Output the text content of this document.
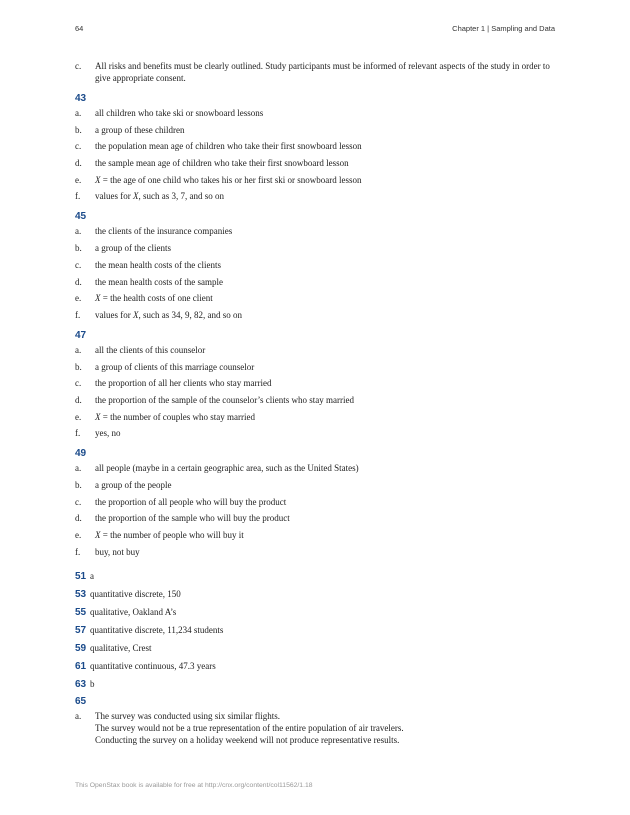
64	Chapter 1 | Sampling and Data
c.	All risks and benefits must be clearly outlined. Study participants must be informed of relevant aspects of the study in order to give appropriate consent.
43
a.	all children who take ski or snowboard lessons
b.	a group of these children
c.	the population mean age of children who take their first snowboard lesson
d.	the sample mean age of children who take their first snowboard lesson
e.	X = the age of one child who takes his or her first ski or snowboard lesson
f.	values for X, such as 3, 7, and so on
45
a.	the clients of the insurance companies
b.	a group of the clients
c.	the mean health costs of the clients
d.	the mean health costs of the sample
e.	X = the health costs of one client
f.	values for X, such as 34, 9, 82, and so on
47
a.	all the clients of this counselor
b.	a group of clients of this marriage counselor
c.	the proportion of all her clients who stay married
d.	the proportion of the sample of the counselor’s clients who stay married
e.	X = the number of couples who stay married
f.	yes, no
49
a.	all people (maybe in a certain geographic area, such as the United States)
b.	a group of the people
c.	the proportion of all people who will buy the product
d.	the proportion of the sample who will buy the product
e.	X = the number of people who will buy it
f.	buy, not buy
51 a
53 quantitative discrete, 150
55 qualitative, Oakland A’s
57 quantitative discrete, 11,234 students
59 qualitative, Crest
61 quantitative continuous, 47.3 years
63 b
65
a.	The survey was conducted using six similar flights.
The survey would not be a true representation of the entire population of air travelers.
Conducting the survey on a holiday weekend will not produce representative results.
This OpenStax book is available for free at http://cnx.org/content/col11562/1.18
